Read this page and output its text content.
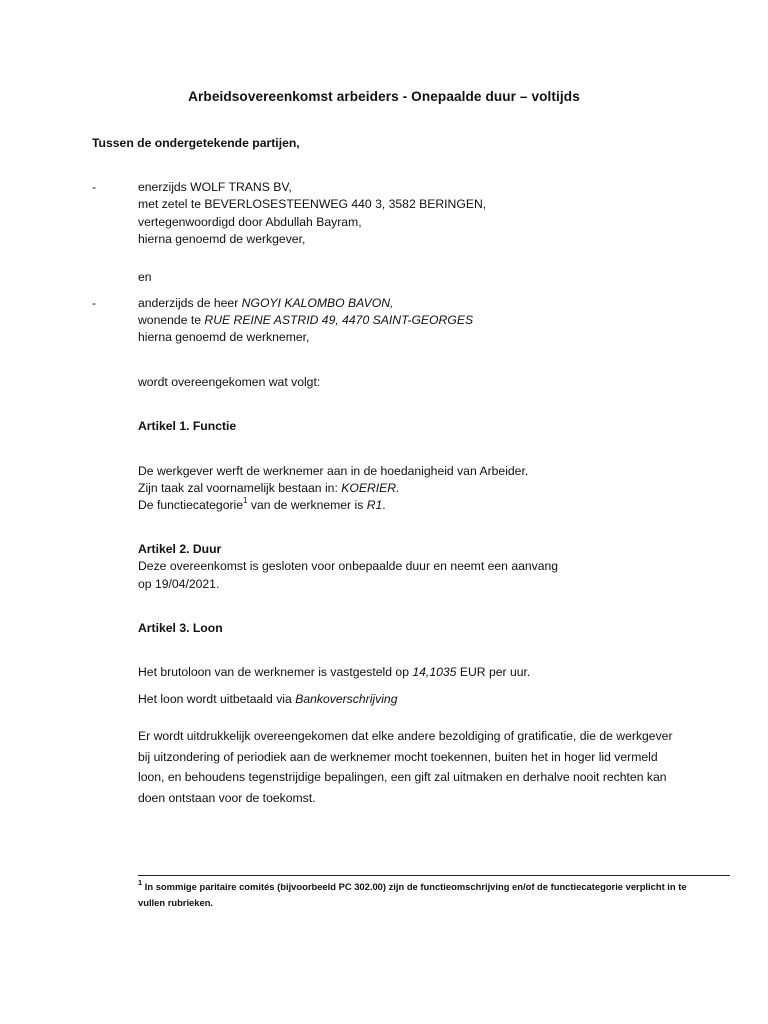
Arbeidsovereenkomst arbeiders - Onepaalde duur – voltijds
Tussen de ondergetekende partijen,
-	enerzijds WOLF TRANS BV,
met zetel te BEVERLOSESTEENWEG 440 3, 3582 BERINGEN,
vertegenwoordigd door Abdullah Bayram,
hierna genoemd de werkgever,
en
-	anderzijds de heer NGOYI KALOMBO BAVON,
wonende te RUE REINE ASTRID 49, 4470 SAINT-GEORGES
hierna genoemd de werknemer,
wordt overeengekomen wat volgt:
Artikel 1. Functie
De werkgever werft de werknemer aan in de hoedanigheid van Arbeider.
Zijn taak zal voornamelijk bestaan in: KOERIER.
De functiecategorie$^1$ van de werknemer is R1.
Artikel 2. Duur
Deze overeenkomst is gesloten voor onbepaalde duur en neemt een aanvang
op 19/04/2021.
Artikel 3. Loon
Het brutoloon van de werknemer is vastgesteld op 14,1035 EUR per uur.
Het loon wordt uitbetaald via Bankoverschrijving
Er wordt uitdrukkelijk overeengekomen dat elke andere bezoldiging of gratificatie, die de werkgever bij uitzondering of periodiek aan de werknemer mocht toekennen, buiten het in hoger lid vermeld loon, en behoudens tegenstrijdige bepalingen, een gift zal uitmaken en derhalve nooit rechten kan doen ontstaan voor de toekomst.
$^1$ In sommige paritaire comités (bijvoorbeeld PC 302.00) zijn de functieomschrijving en/of de functiecategorie verplicht in te vullen rubrieken.
